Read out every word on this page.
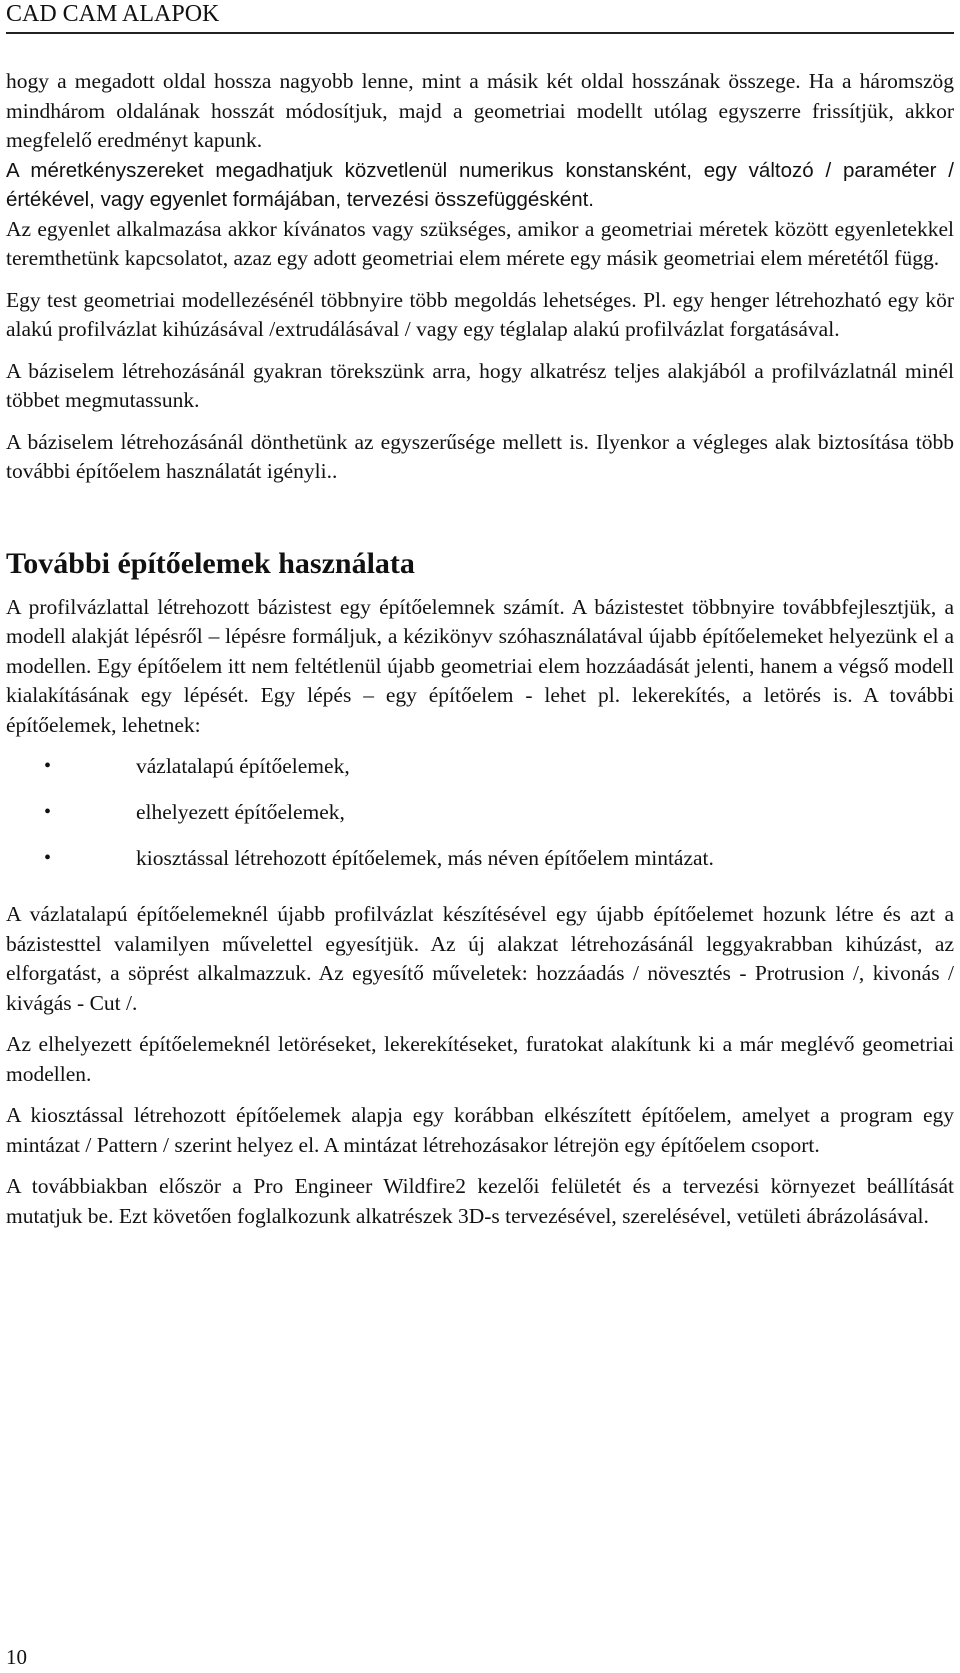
CAD CAM ALAPOK

hogy a megadott oldal hossza nagyobb lenne, mint a másik két oldal hosszának összege. Ha a háromszög mindhárom oldalának hosszát módosítjuk, majd a geometriai modellt utólag egyszerre frissítjük, akkor megfelelő eredményt kapunk.

A méretkényszereket megadhatjuk közvetlenül numerikus konstansként, egy változó / paraméter / értékével, vagy egyenlet formájában, tervezési összefüggésként.

Az egyenlet alkalmazása akkor kívánatos vagy szükséges, amikor a geometriai méretek között egyenletekkel teremthetünk kapcsolatot, azaz egy adott geometriai elem mérete egy másik geometriai elem méretétől függ.

Egy test geometriai modellezésénél többnyire több megoldás lehetséges. Pl. egy henger létrehozható egy kör alakú profilvázlat kihúzásával /extrudálásával / vagy egy téglalap alakú profilvázlat forgatásával.

A báziselem létrehozásánál gyakran törekszünk arra, hogy alkatrész teljes alakjából a profilvázlatnál minél többet megmutassunk.

A báziselem létrehozásánál dönthetünk az egyszerűsége mellett is. Ilyenkor a végleges alak biztosítása több további építőelem használatát igényli..

További építőelemek használata

A profilvázlattal létrehozott bázistest egy építőelemnek számít. A bázistestet többnyire továbbfejlesztjük, a modell alakját lépésről – lépésre formáljuk, a kézikönyv szóhasználatával újabb építőelemeket helyezünk el a modellen. Egy építőelem itt nem feltétlenül újabb geometriai elem hozzáadását jelenti, hanem a végső modell kialakításának egy lépését. Egy lépés – egy építőelem - lehet pl. lekerekítés, a letörés is. A további építőelemek, lehetnek:

•	vázlatalapú építőelemek,
•	elhelyezett építőelemek,
•	kiosztással létrehozott építőelemek, más néven építőelem mintázat.

A vázlatalapú építőelemeknél újabb profilvázlat készítésével egy újabb építőelemet hozunk létre és azt a bázistesttel valamilyen művelettel egyesítjük. Az új alakzat létrehozásánál leggyakrabban kihúzást, az elforgatást, a söprést alkalmazzuk. Az egyesítő műveletek: hozzáadás / növesztés - Protrusion /, kivonás / kivágás - Cut /.

Az elhelyezett építőelemeknél letöréseket, lekerekítéseket, furatokat alakítunk ki a már meglévő geometriai modellen.

A kiosztással létrehozott építőelemek alapja egy korábban elkészített építőelem, amelyet a program egy mintázat / Pattern / szerint helyez el. A mintázat létrehozásakor létrejön egy építőelem csoport.

A továbbiakban először a Pro Engineer Wildfire2 kezelői felületét és a tervezési környezet beállítását mutatjuk be. Ezt követően foglalkozunk alkatrészek 3D-s tervezésével, szerelésével, vetületi ábrázolásával.

10
